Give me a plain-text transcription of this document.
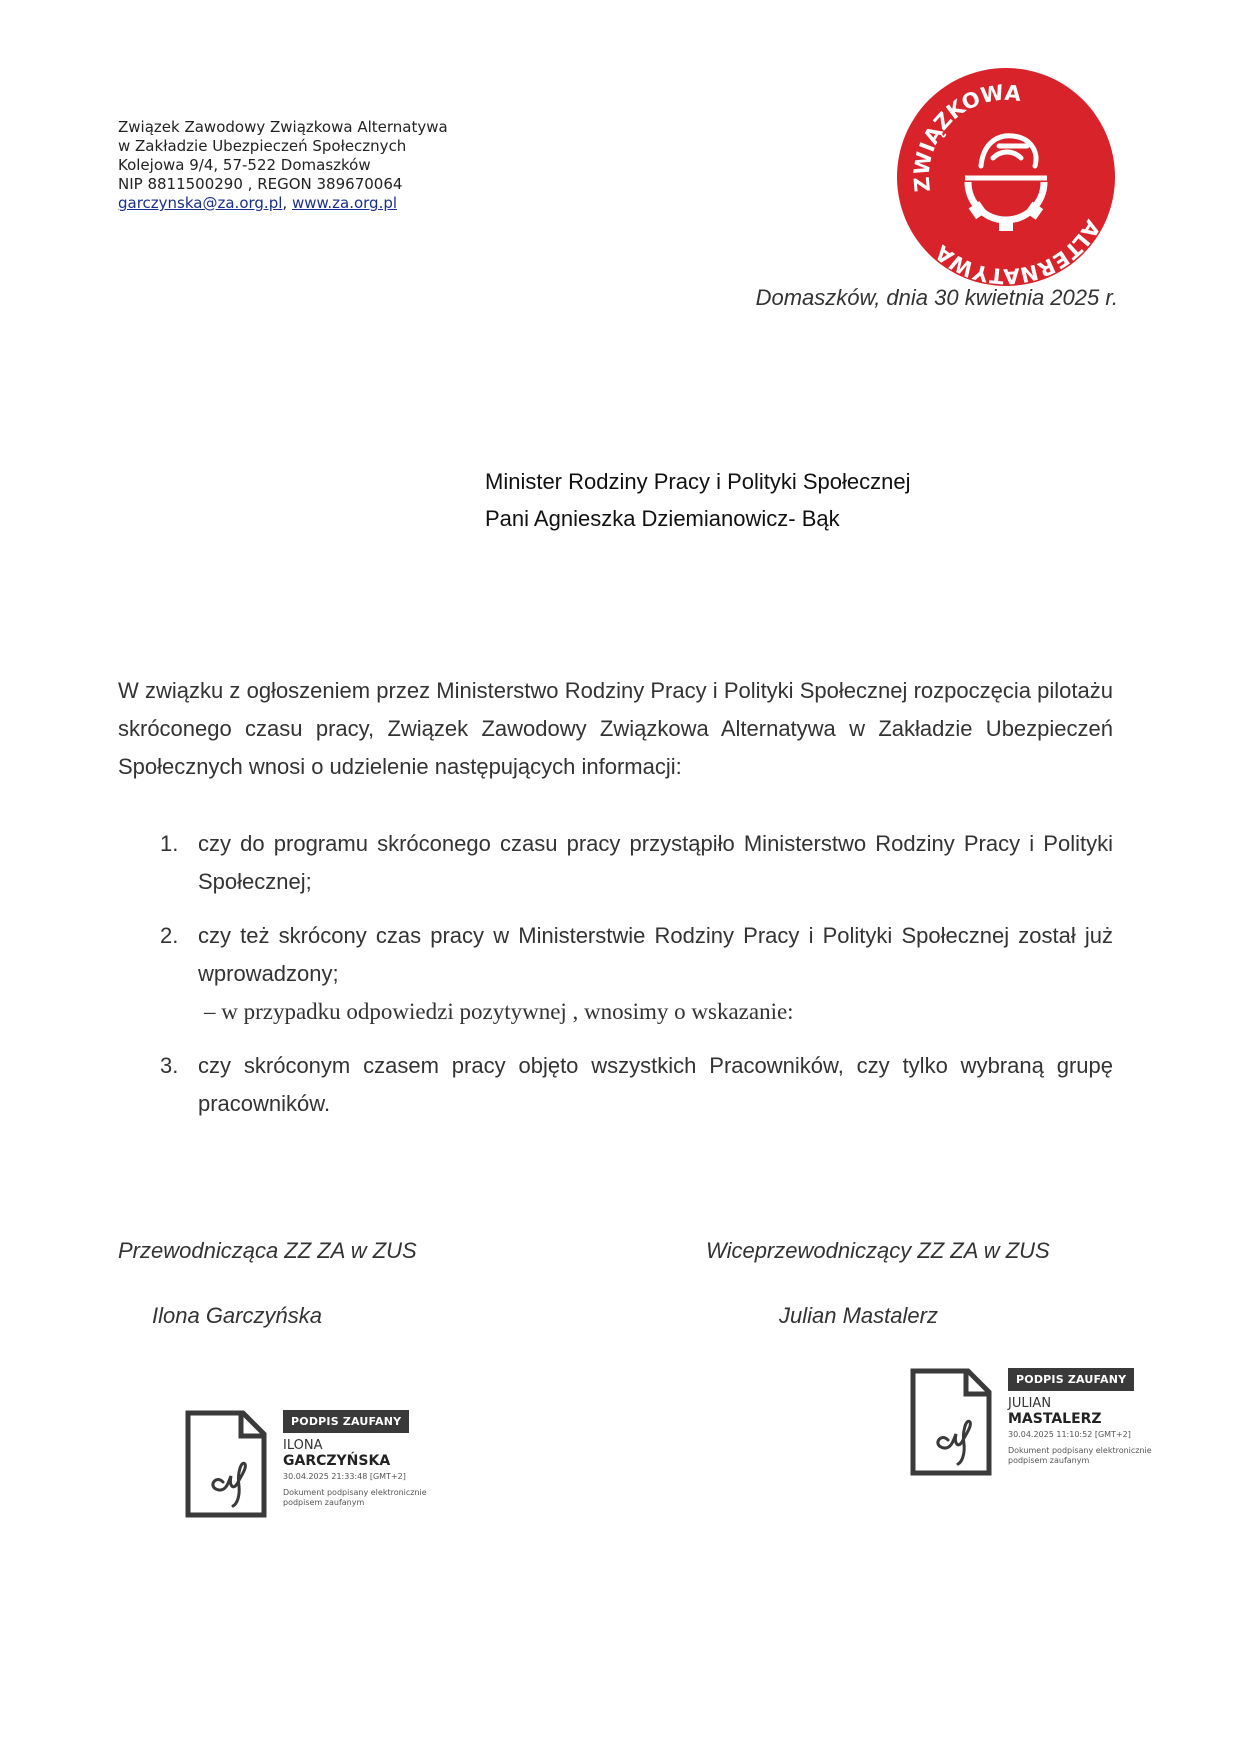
Związek Zawodowy Związkowa Alternatywa
w Zakładzie Ubezpieczeń Społecznych
Kolejowa 9/4, 57-522 Domaszków
NIP 8811500290 , REGON 389670064
garczynska@za.org.pl, www.za.org.pl
ZWIĄZKOWA
ALTERNATYWA
Domaszków, dnia 30 kwietnia 2025 r.
Minister Rodziny Pracy i Polityki Społecznej
Pani Agnieszka Dziemianowicz- Bąk

W związku z ogłoszeniem przez Ministerstwo Rodziny Pracy i Polityki Społecznej rozpoczęcia pilotażu skróconego czasu pracy, Związek Zawodowy Związkowa Alternatywa w Zakładzie Ubezpieczeń Społecznych wnosi o udzielenie następujących informacji:

1. czy do programu skróconego czasu pracy przystąpiło Ministerstwo Rodziny Pracy i Polityki Społecznej;
2. czy też skrócony czas pracy w Ministerstwie Rodziny Pracy i Polityki Społecznej został już wprowadzony;
– w przypadku odpowiedzi pozytywnej , wnosimy o wskazanie:
3. czy skróconym czasem pracy objęto wszystkich Pracowników, czy tylko wybraną grupę pracowników.
Przewodnicząca ZZ ZA w ZUS
Ilona Garczyńska
Wiceprzewodniczący ZZ ZA w ZUS
Julian Mastalerz
PODPIS ZAUFANY
ILONA
GARCZYŃSKA
30.04.2025 21:33:48 [GMT+2]
Dokument podpisany elektronicznie podpisem zaufanym
PODPIS ZAUFANY
JULIAN
MASTALERZ
30.04.2025 11:10:52 [GMT+2]
Dokument podpisany elektronicznie podpisem zaufanym
